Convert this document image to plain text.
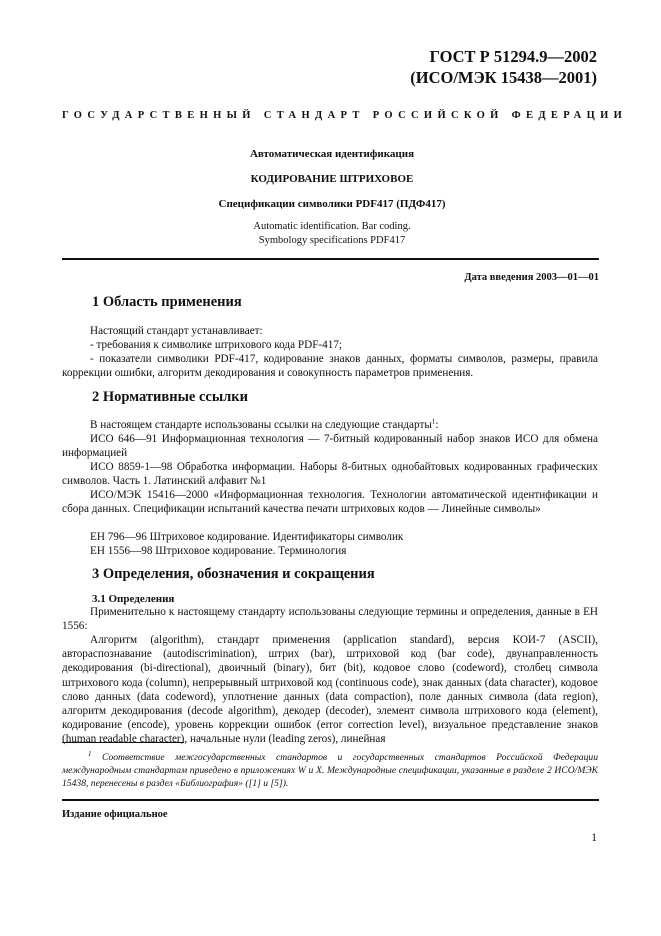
ГОСТ Р 51294.9—2002
(ИСО/МЭК 15438—2001)
ГОСУДАРСТВЕННЫЙ СТАНДАРТ РОССИЙСКОЙ ФЕДЕРАЦИИ
Автоматическая идентификация
КОДИРОВАНИЕ ШТРИХОВОЕ
Спецификации символики PDF417 (ПДФ417)
Automatic identification. Bar coding.
Symbology specifications PDF417
Дата введения 2003—01—01
1 Область применения
Настоящий стандарт устанавливает:
- требования к символике штрихового кода PDF-417;
- показатели символики PDF-417, кодирование знаков данных, форматы символов, размеры, правила коррекции ошибки, алгоритм декодирования и совокупность параметров применения.
2 Нормативные ссылки
В настоящем стандарте использованы ссылки на следующие стандарты$^1$:
ИСО 646—91 Информационная технология — 7-битный кодированный набор знаков ИСО для обмена информацией
ИСО 8859-1—98 Обработка информации. Наборы 8-битных однобайтовых кодированных графических символов. Часть 1. Латинский алфавит №1
ИСО/МЭК 15416—2000 «Информационная технология. Технологии автоматической идентификации и сбора данных. Спецификации испытаний качества печати штриховых кодов — Линейные символы»
ЕН 796—96 Штриховое кодирование. Идентификаторы символик
ЕН 1556—98 Штриховое кодирование. Терминология
3 Определения, обозначения и сокращения
3.1 Определения
Применительно к настоящему стандарту использованы следующие термины и определения, данные в ЕН 1556:
Алгоритм (algorithm), стандарт применения (application standard), версия КОИ-7 (ASCII), автораспознавание (autodiscrimination), штрих (bar), штриховой код (bar code), двунаправленность декодирования (bi-directional), двоичный (binary), бит (bit), кодовое слово (codeword), столбец символа штрихового кода (column), непрерывный штриховой код (continuous code), знак данных (data character), кодовое слово данных (data codeword), уплотнение данных (data compaction), поле данных символа (data region), алгоритм декодирования (decode algorithm), декодер (decoder), элемент символа штрихового кода (element), кодирование (encode), уровень коррекции ошибок (error correction level), визуальное представление знаков (human readable character), начальные нули (leading zeros), линейная
$^1$ Соответствие межгосударственных стандартов и государственных стандартов Российской Федерации международным стандартам приведено в приложениях W и X. Международные спецификации, указанные в разделе 2 ИСО/МЭК 15438, перенесены в раздел «Библиография» ([1] и [5]).
Издание официальное
1
